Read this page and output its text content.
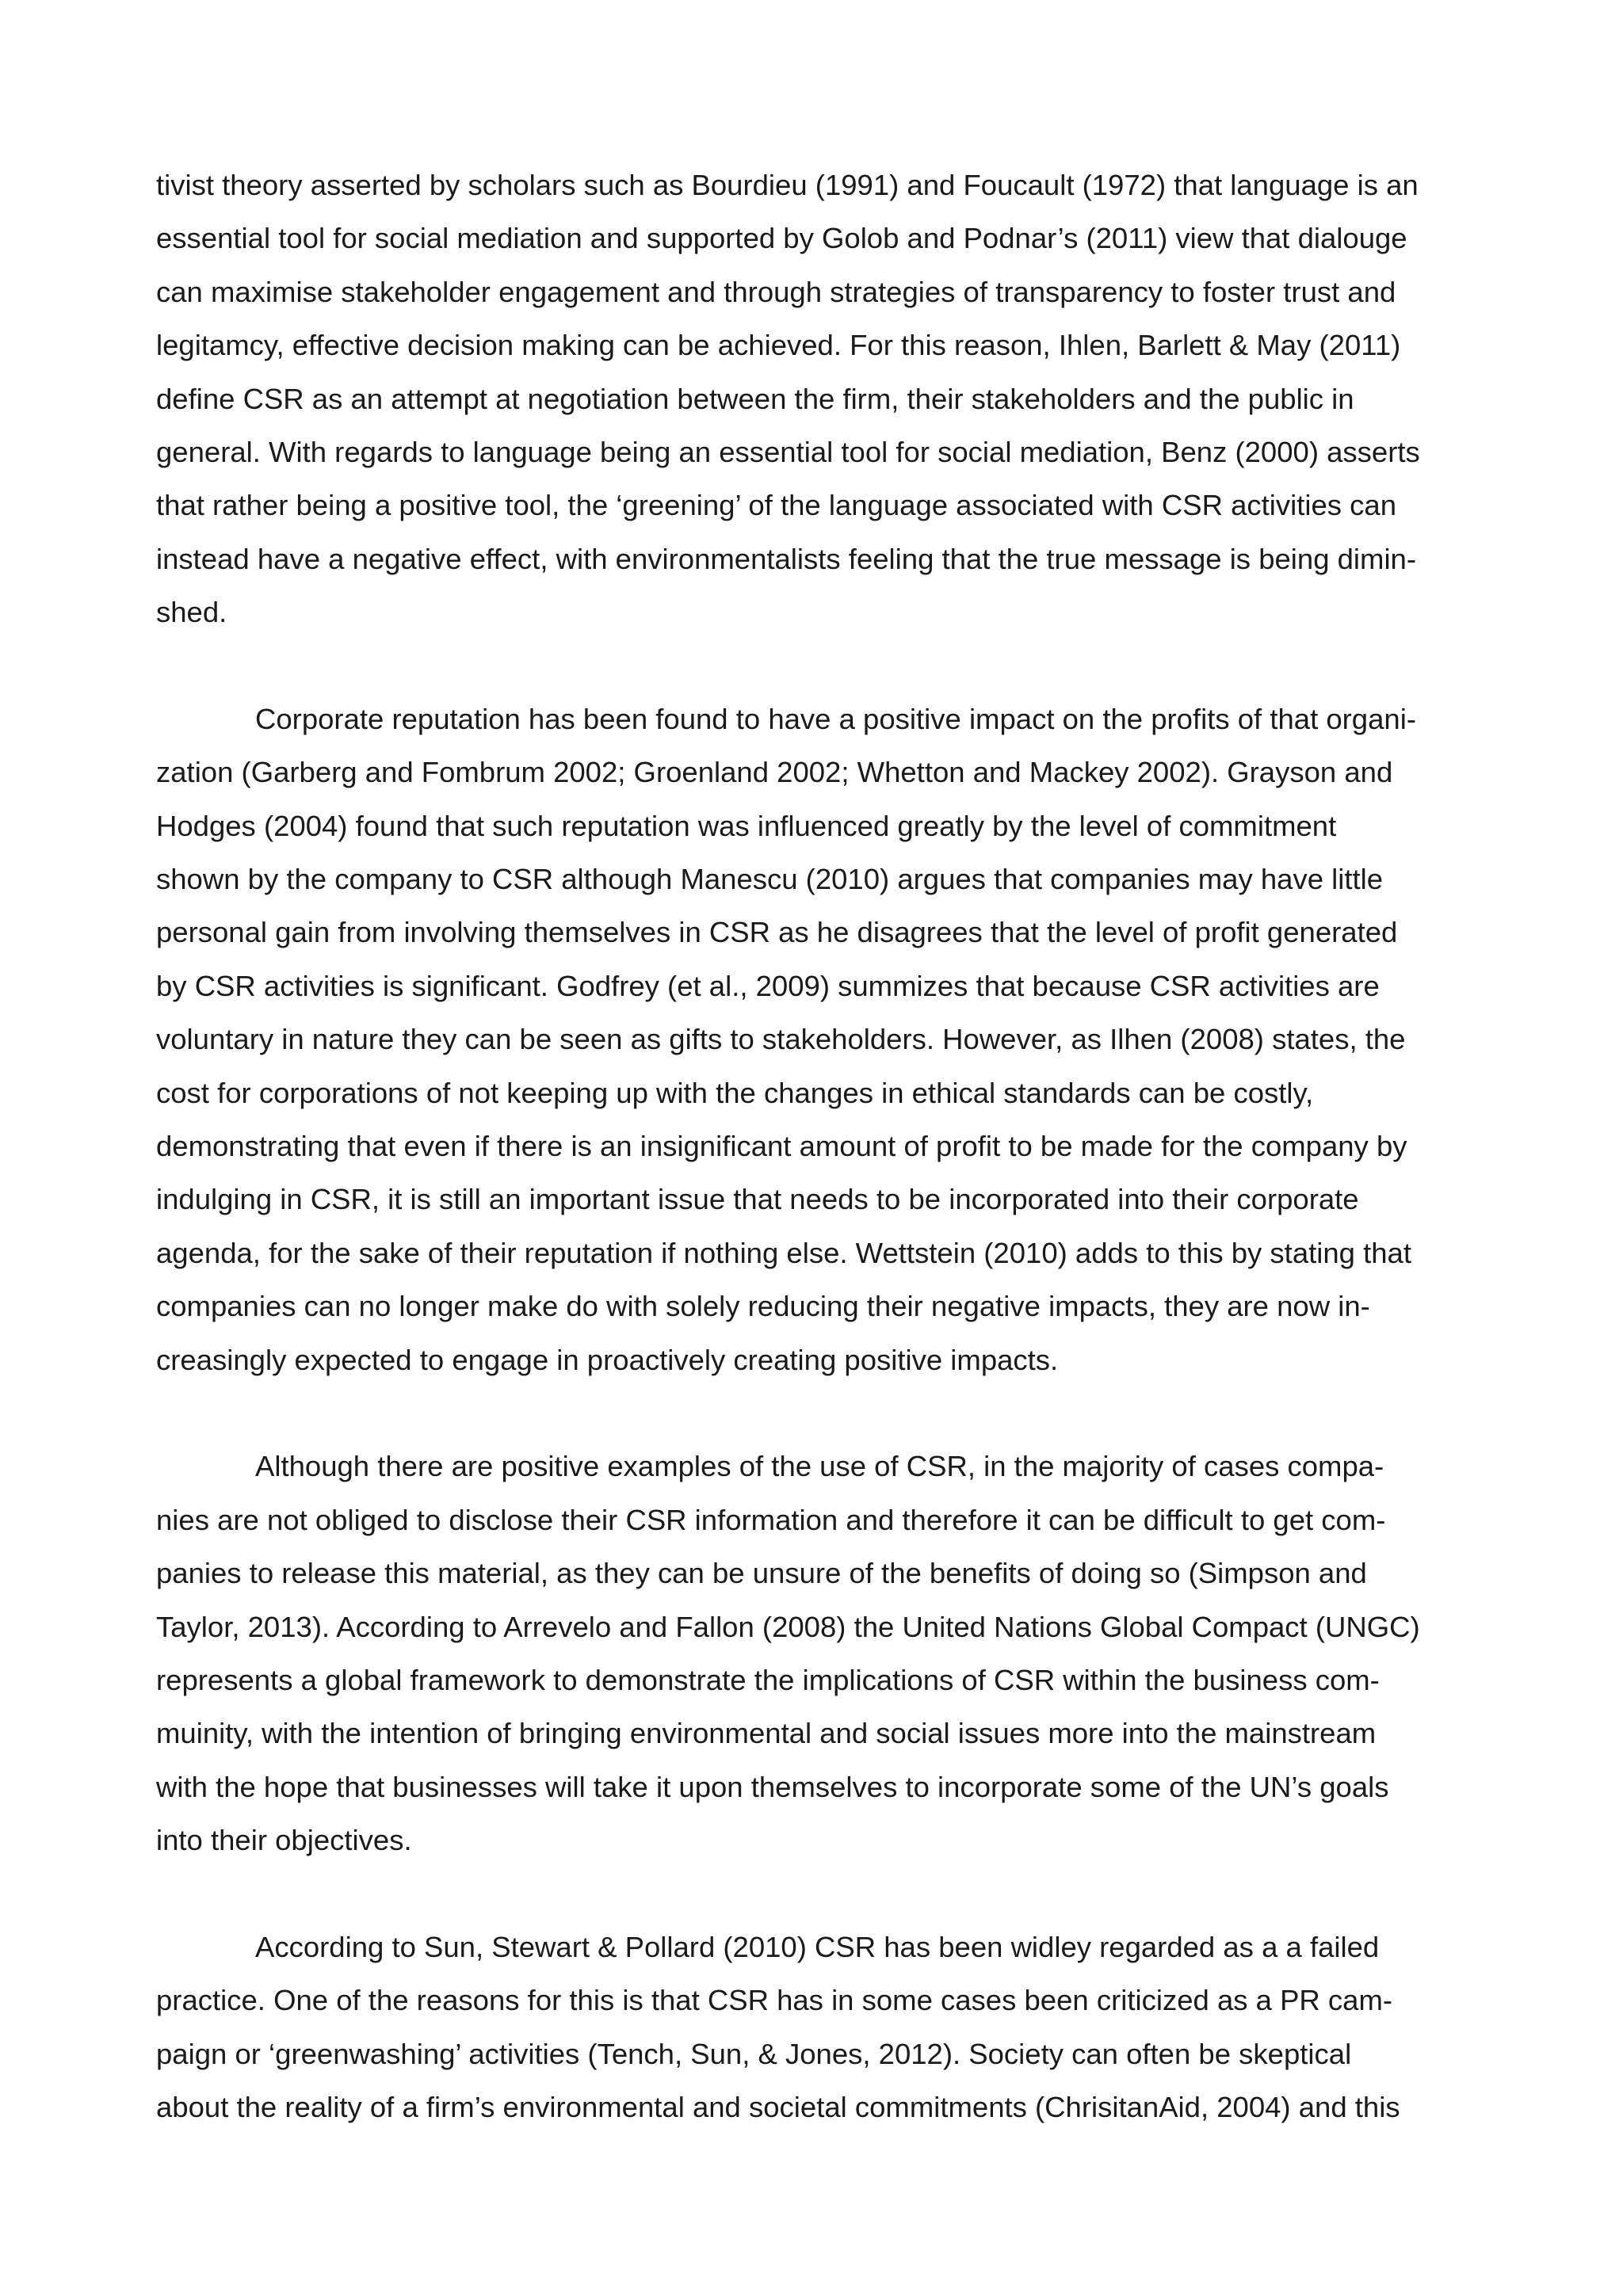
tivist theory asserted by scholars such as Bourdieu (1991) and Foucault (1972) that language is an
essential tool for social mediation and supported by Golob and Podnar’s (2011) view that dialouge
can maximise stakeholder engagement and through strategies of transparency to foster trust and
legitamcy, effective decision making can be achieved. For this reason, Ihlen, Barlett & May (2011)
define CSR as an attempt at negotiation between the firm, their stakeholders and the public in
general. With regards to language being an essential tool for social mediation, Benz (2000) asserts
that rather being a positive tool, the ‘greening’ of the language associated with CSR activities can
instead have a negative effect, with environmentalists feeling that the true message is being dimin-
shed.

Corporate reputation has been found to have a positive impact on the profits of that organi-
zation (Garberg and Fombrum 2002; Groenland 2002; Whetton and Mackey 2002). Grayson and
Hodges (2004) found that such reputation was influenced greatly by the level of commitment
shown by the company to CSR although Manescu (2010) argues that companies may have little
personal gain from involving themselves in CSR as he disagrees that the level of profit generated
by CSR activities is significant. Godfrey (et al., 2009) summizes that because CSR activities are
voluntary in nature they can be seen as gifts to stakeholders. However, as Ilhen (2008) states, the
cost for corporations of not keeping up with the changes in ethical standards can be costly,
demonstrating that even if there is an insignificant amount of profit to be made for the company by
indulging in CSR, it is still an important issue that needs to be incorporated into their corporate
agenda, for the sake of their reputation if nothing else. Wettstein (2010) adds to this by stating that
companies can no longer make do with solely reducing their negative impacts, they are now in-
creasingly expected to engage in proactively creating positive impacts.

Although there are positive examples of the use of CSR, in the majority of cases compa-
nies are not obliged to disclose their CSR information and therefore it can be difficult to get com-
panies to release this material, as they can be unsure of the benefits of doing so (Simpson and
Taylor, 2013). According to Arrevelo and Fallon (2008) the United Nations Global Compact (UNGC)
represents a global framework to demonstrate the implications of CSR within the business com-
muinity, with the intention of bringing environmental and social issues more into the mainstream
with the hope that businesses will take it upon themselves to incorporate some of the UN’s goals
into their objectives.

According to Sun, Stewart & Pollard (2010) CSR has been widley regarded as a a failed
practice. One of the reasons for this is that CSR has in some cases been criticized as a PR cam-
paign or ‘greenwashing’ activities (Tench, Sun, & Jones, 2012). Society can often be skeptical
about the reality of a firm’s environmental and societal commitments (ChrisitanAid, 2004) and this
